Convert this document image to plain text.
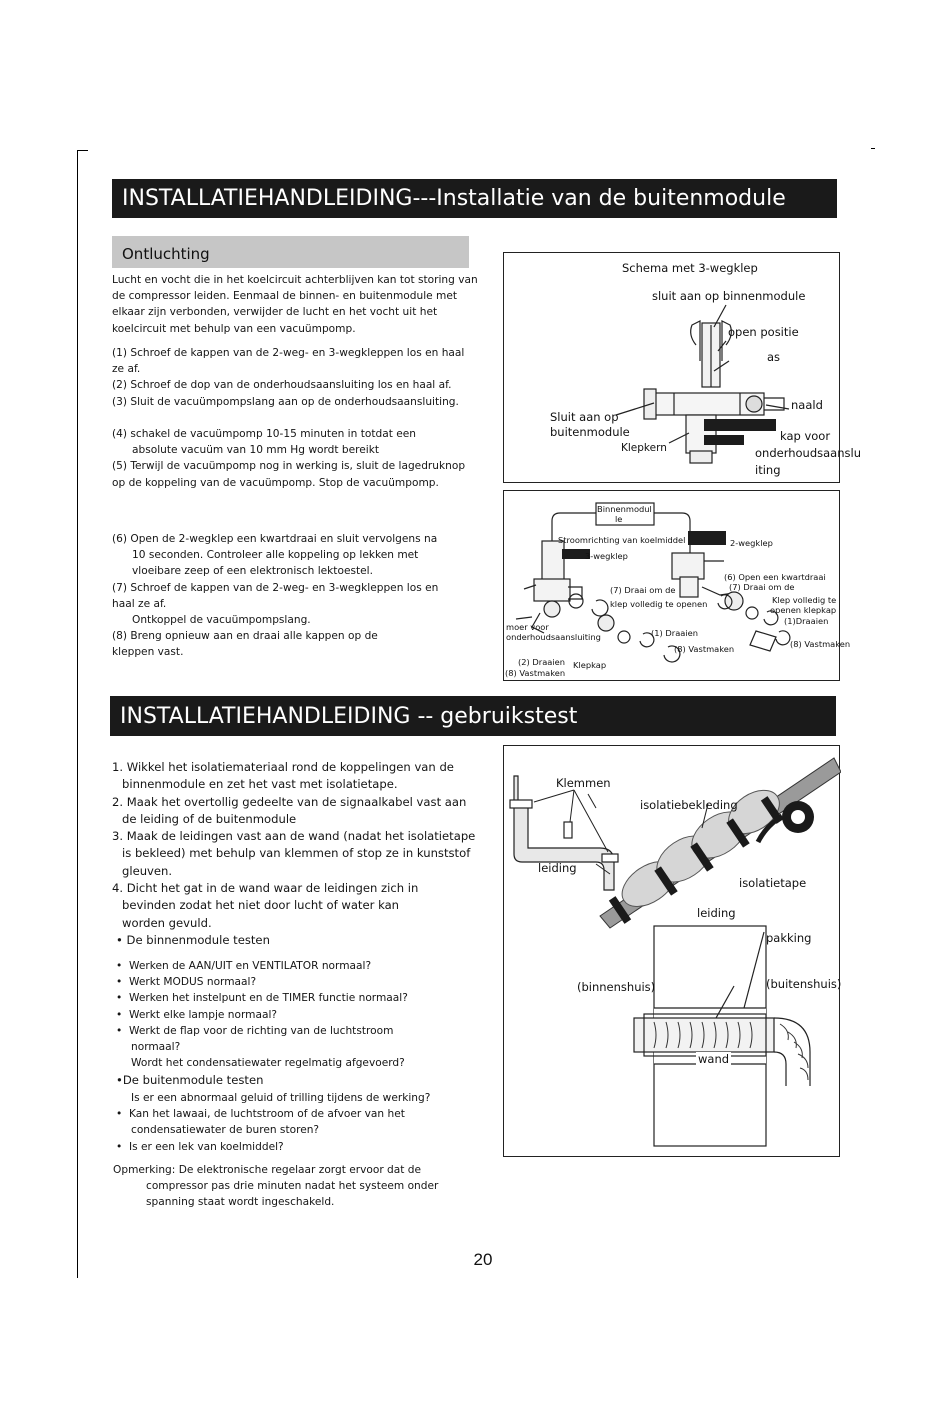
INSTALLATIEHANDLEIDING---Installatie van de buitenmodule
Ontluchting

Lucht en vocht die in het koelcircuit achterblijven kan tot storing van

de compressor leiden. Eenmaal de binnen- en buitenmodule met

elkaar zijn verbonden, verwijder de lucht en het vocht uit het

koelcircuit met behulp van een vacuümpomp.

(1) Schroef de kappen van de 2-weg- en 3-wegkleppen los en haal

ze af.

(2) Schroef de dop van de onderhoudsaansluiting los en haal af.

(3) Sluit de vacuümpompslang aan op de onderhoudsaansluiting.

(4) schakel de vacuümpomp 10-15 minuten in totdat een

absolute vacuüm van 10 mm Hg wordt bereikt

(5) Terwijl de vacuümpomp nog in werking is, sluit de lagedruknop

op de koppeling van de vacuümpomp. Stop de vacuümpomp.

(6) Open de 2-wegklep een kwartdraai en sluit vervolgens na

10 seconden. Controleer alle koppeling op lekken met

vloeibare zeep of een elektronisch lektoestel.

(7) Schroef de kappen van de 2-weg- en 3-wegkleppen los en

haal ze af.

Ontkoppel de vacuümpompslang.

(8) Breng opnieuw aan en draai alle kappen op de

kleppen vast.

Schema met 3-wegklep
sluit aan op binnenmodule
open positie
as
naald
Sluit aan op
buitenmodule
Klepkern
kap voor
onderhoudsaanslu
iting
Binnenmodul
le
Stroomrichting van koelmiddel	2-wegklep
3-wegklep
(6) Open een kwartdraai
(7) Draai om de
Klep volledig te
openen klepkap
(7) Draai om de
klep volledig te openen
moer voor
onderhoudsaansluiting	(1) Draaien
(8) Vastmaken
(1)Draaien
(8) Vastmaken
(2) Draaien
(8) Vastmaken
Klepkap
INSTALLATIEHANDLEIDING -- gebruikstest

1. Wikkel het isolatiemateriaal rond de koppelingen van de

binnenmodule en zet het vast met isolatietape.

2. Maak het overtollig gedeelte van de signaalkabel vast aan

de leiding of de buitenmodule

3. Maak de leidingen vast aan de wand (nadat het isolatietape

is bekleed) met behulp van klemmen of stop ze in kunststof

gleuven.

4. Dicht het gat in de wand waar de leidingen zich in

bevinden zodat het niet door lucht of water kan

worden gevuld.

• De binnenmodule testen

•  Werken de AAN/UIT en VENTILATOR normaal?

•  Werkt MODUS normaal?

•  Werken het instelpunt en de TIMER functie normaal?

•  Werkt elke lampje normaal?

•  Werkt de flap voor de richting van de luchtstroom

normaal?

Wordt het condensatiewater regelmatig afgevoerd?

•De buitenmodule testen

Is er een abnormaal geluid of trilling tijdens de werking?

•  Kan het lawaai, de luchtstroom of de afvoer van het

condensatiewater de buren storen?

•  Is er een lek van koelmiddel?

Opmerking: De elektronische regelaar zorgt ervoor dat de

compressor pas drie minuten nadat het systeem onder

spanning staat wordt ingeschakeld.

Klemmen
isolatiebekleding
leiding
isolatietape
leiding
pakking
(binnenshuis)	(buitenshuis)
wand
20
